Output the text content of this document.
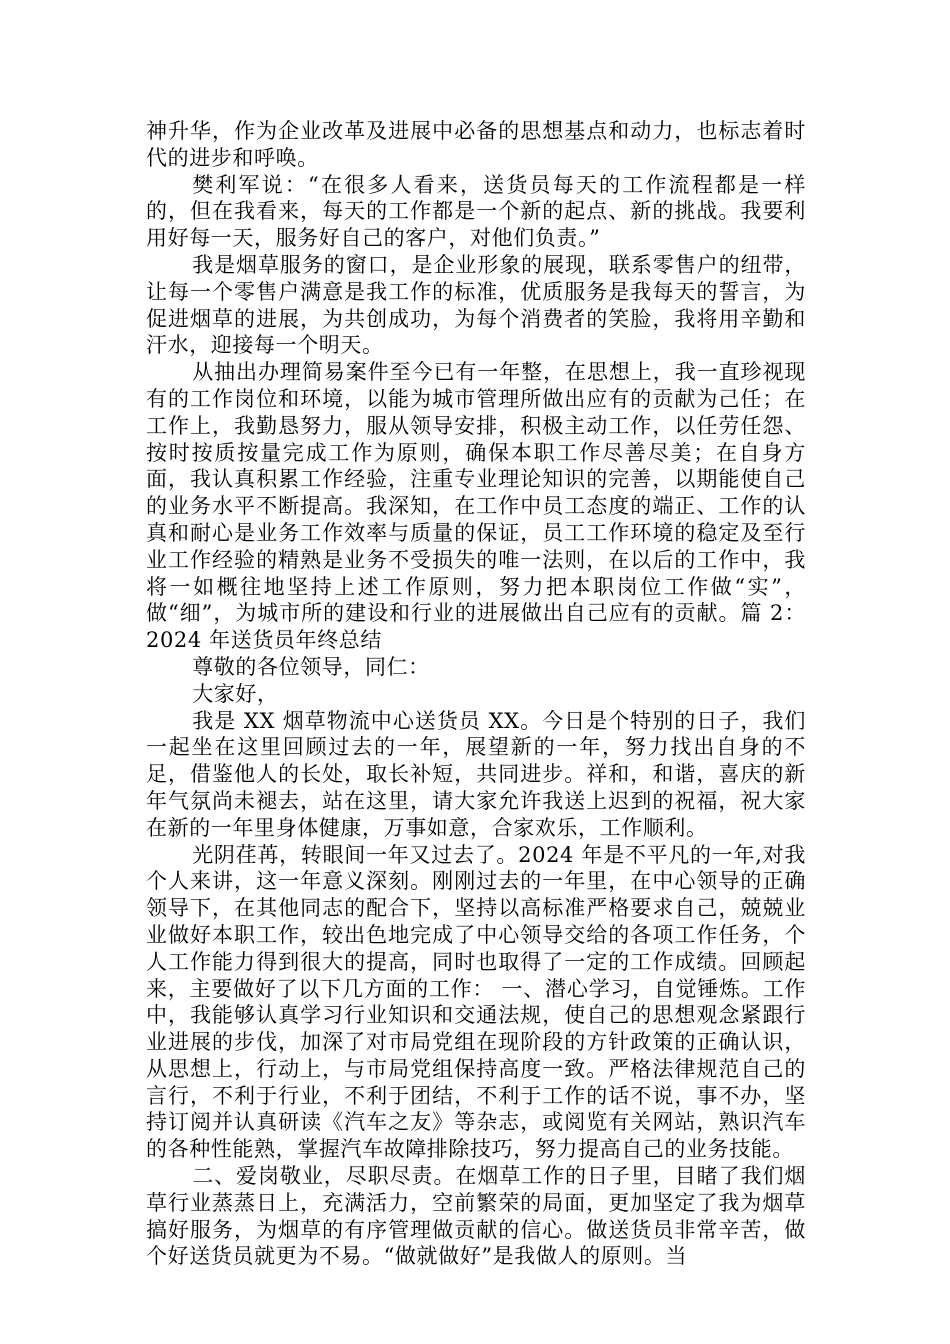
神升华，作为企业改革及进展中必备的思想基点和动力，也标志着时代的进步和呼唤。

樊利军说：“在很多人看来，送货员每天的工作流程都是一样的，但在我看来，每天的工作都是一个新的起点、新的挑战。我要利用好每一天，服务好自己的客户，对他们负责。”

我是烟草服务的窗口，是企业形象的展现，联系零售户的纽带，让每一个零售户满意是我工作的标准，优质服务是我每天的誓言，为促进烟草的进展，为共创成功，为每个消费者的笑脸，我将用辛勤和汗水，迎接每一个明天。

从抽出办理简易案件至今已有一年整，在思想上，我一直珍视现有的工作岗位和环境，以能为城市管理所做出应有的贡献为己任；在工作上，我勤恳努力，服从领导安排，积极主动工作，以任劳任怨、按时按质按量完成工作为原则，确保本职工作尽善尽美；在自身方面，我认真积累工作经验，注重专业理论知识的完善，以期能使自己的业务水平不断提高。我深知，在工作中员工态度的端正、工作的认真和耐心是业务工作效率与质量的保证，员工工作环境的稳定及至行业工作经验的精熟是业务不受损失的唯一法则，在以后的工作中，我将一如概往地坚持上述工作原则，努力把本职岗位工作做“实”，做“细”，为城市所的建设和行业的进展做出自己应有的贡献。篇 2：2024 年送货员年终总结

尊敬的各位领导，同仁：

大家好，

我是 XX 烟草物流中心送货员 XX。今日是个特别的日子，我们一起坐在这里回顾过去的一年，展望新的一年，努力找出自身的不足，借鉴他人的长处，取长补短，共同进步。祥和，和谐，喜庆的新年气氛尚未褪去，站在这里，请大家允许我送上迟到的祝福，祝大家在新的一年里身体健康，万事如意，合家欢乐，工作顺利。

光阴荏苒，转眼间一年又过去了。2024 年是不平凡的一年,对我个人来讲，这一年意义深刻。刚刚过去的一年里，在中心领导的正确领导下，在其他同志的配合下，坚持以高标准严格要求自己，兢兢业业做好本职工作，较出色地完成了中心领导交给的各项工作任务，个人工作能力得到很大的提高，同时也取得了一定的工作成绩。回顾起来，主要做好了以下几方面的工作： 一、潜心学习，自觉锤炼。工作中，我能够认真学习行业知识和交通法规，使自己的思想观念紧跟行业进展的步伐，加深了对市局党组在现阶段的方针政策的正确认识，从思想上，行动上，与市局党组保持高度一致。严格法律规范自己的言行，不利于行业，不利于团结，不利于工作的话不说，事不办，坚持订阅并认真研读《汽车之友》等杂志，或阅览有关网站，熟识汽车的各种性能熟，掌握汽车故障排除技巧，努力提高自己的业务技能。

二、爱岗敬业，尽职尽责。在烟草工作的日子里，目睹了我们烟草行业蒸蒸日上，充满活力，空前繁荣的局面，更加坚定了我为烟草搞好服务，为烟草的有序管理做贡献的信心。做送货员非常辛苦，做个好送货员就更为不易。“做就做好”是我做人的原则。当
